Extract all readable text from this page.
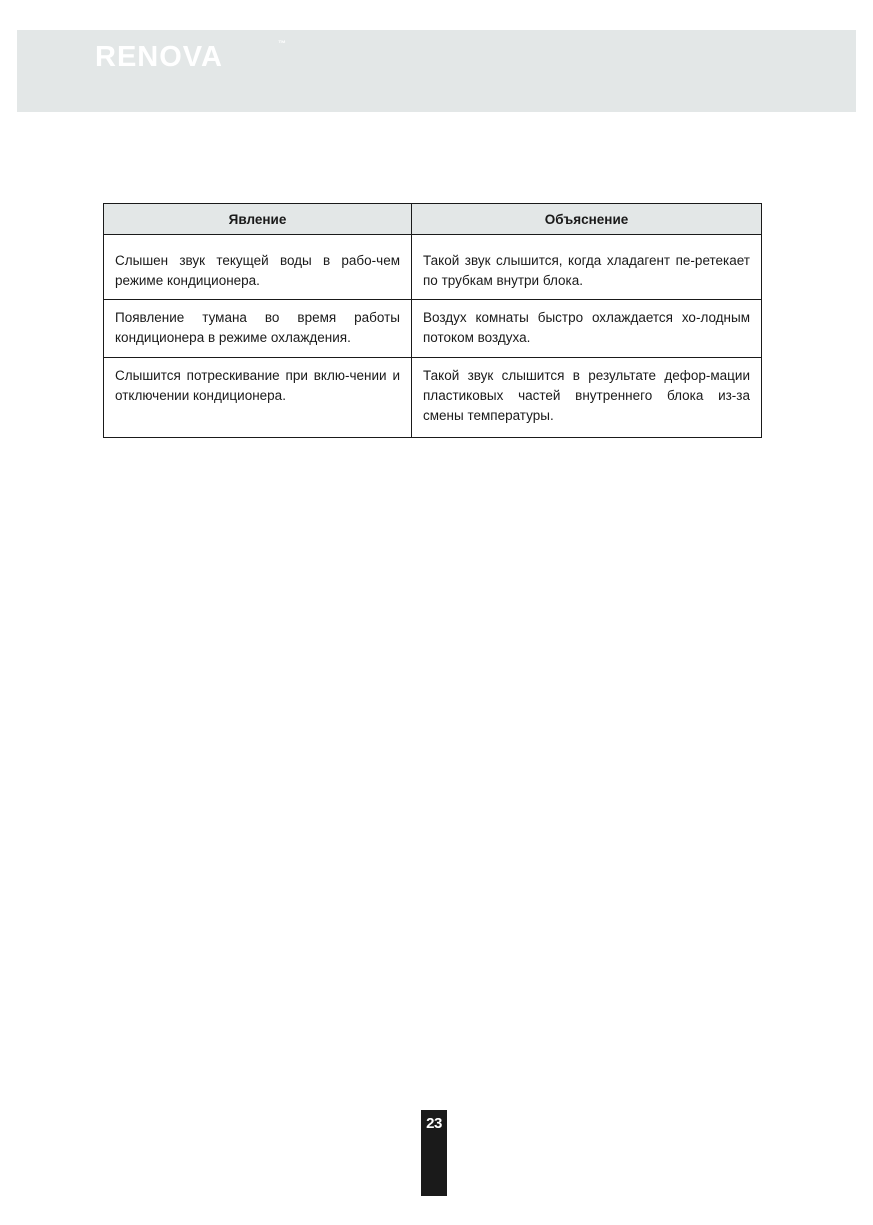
RENOVA	™
Явление	Объяснение
Слышен звук текущей воды в рабо-чем режиме кондиционера.	Такой звук слышится, когда хладагент пе-ретекает по трубкам внутри блока.
Появление тумана во время работы кондиционера в режиме охлаждения.	Воздух комнаты быстро охлаждается хо-лодным потоком воздуха.
Слышится потрескивание при вклю-чении и отключении кондиционера.	Такой звук слышится в результате дефор-мации пластиковых частей внутреннего блока из-за смены температуры.
23
